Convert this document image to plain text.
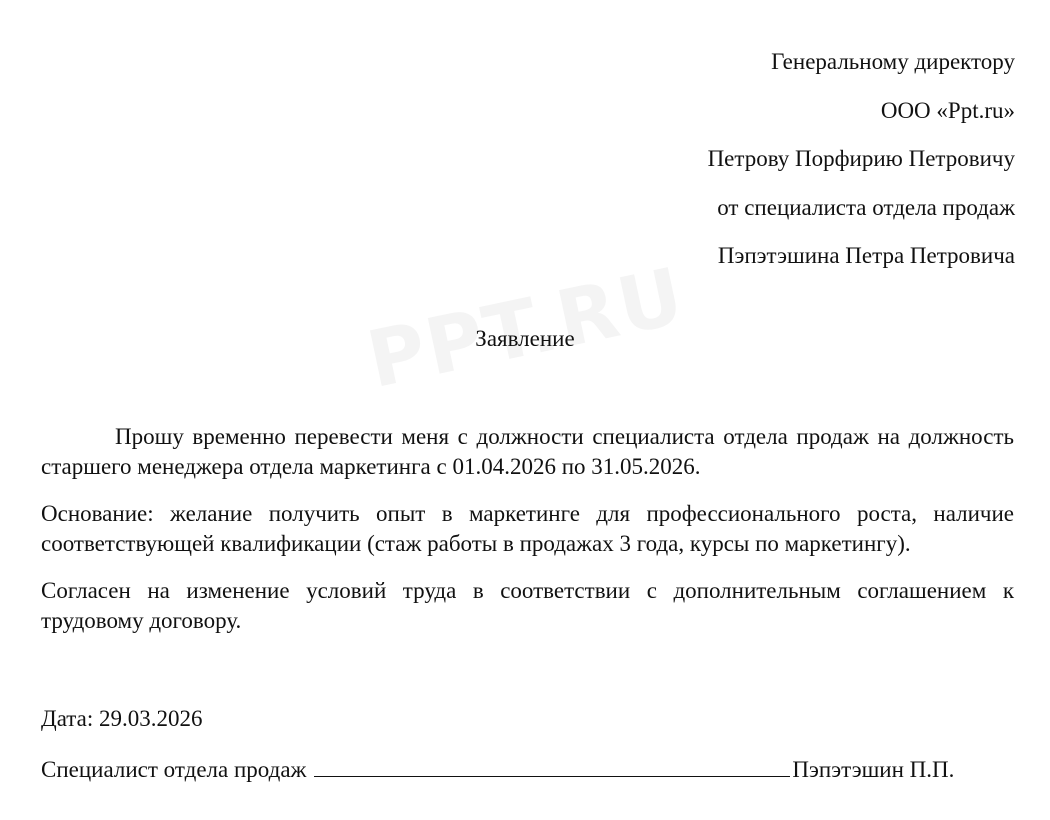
Генеральному директору
ООО «Ppt.ru»
Петрову Порфирию Петровичу
от специалиста отдела продаж
Пэпэтэшина Петра Петровича
Заявление

Прошу временно перевести меня с должности специалиста отдела продаж на должность старшего менеджера отдела маркетинга с 01.04.2026 по 31.05.2026.

Основание: желание получить опыт в маркетинге для профессионального роста, наличие соответствующей квалификации (стаж работы в продажах 3 года, курсы по маркетингу).

Согласен на изменение условий труда в соответствии с дополнительным соглашением к трудовому договору.

Дата: 29.03.2026
Специалист отдела продаж	Пэпэтэшин П.П.
